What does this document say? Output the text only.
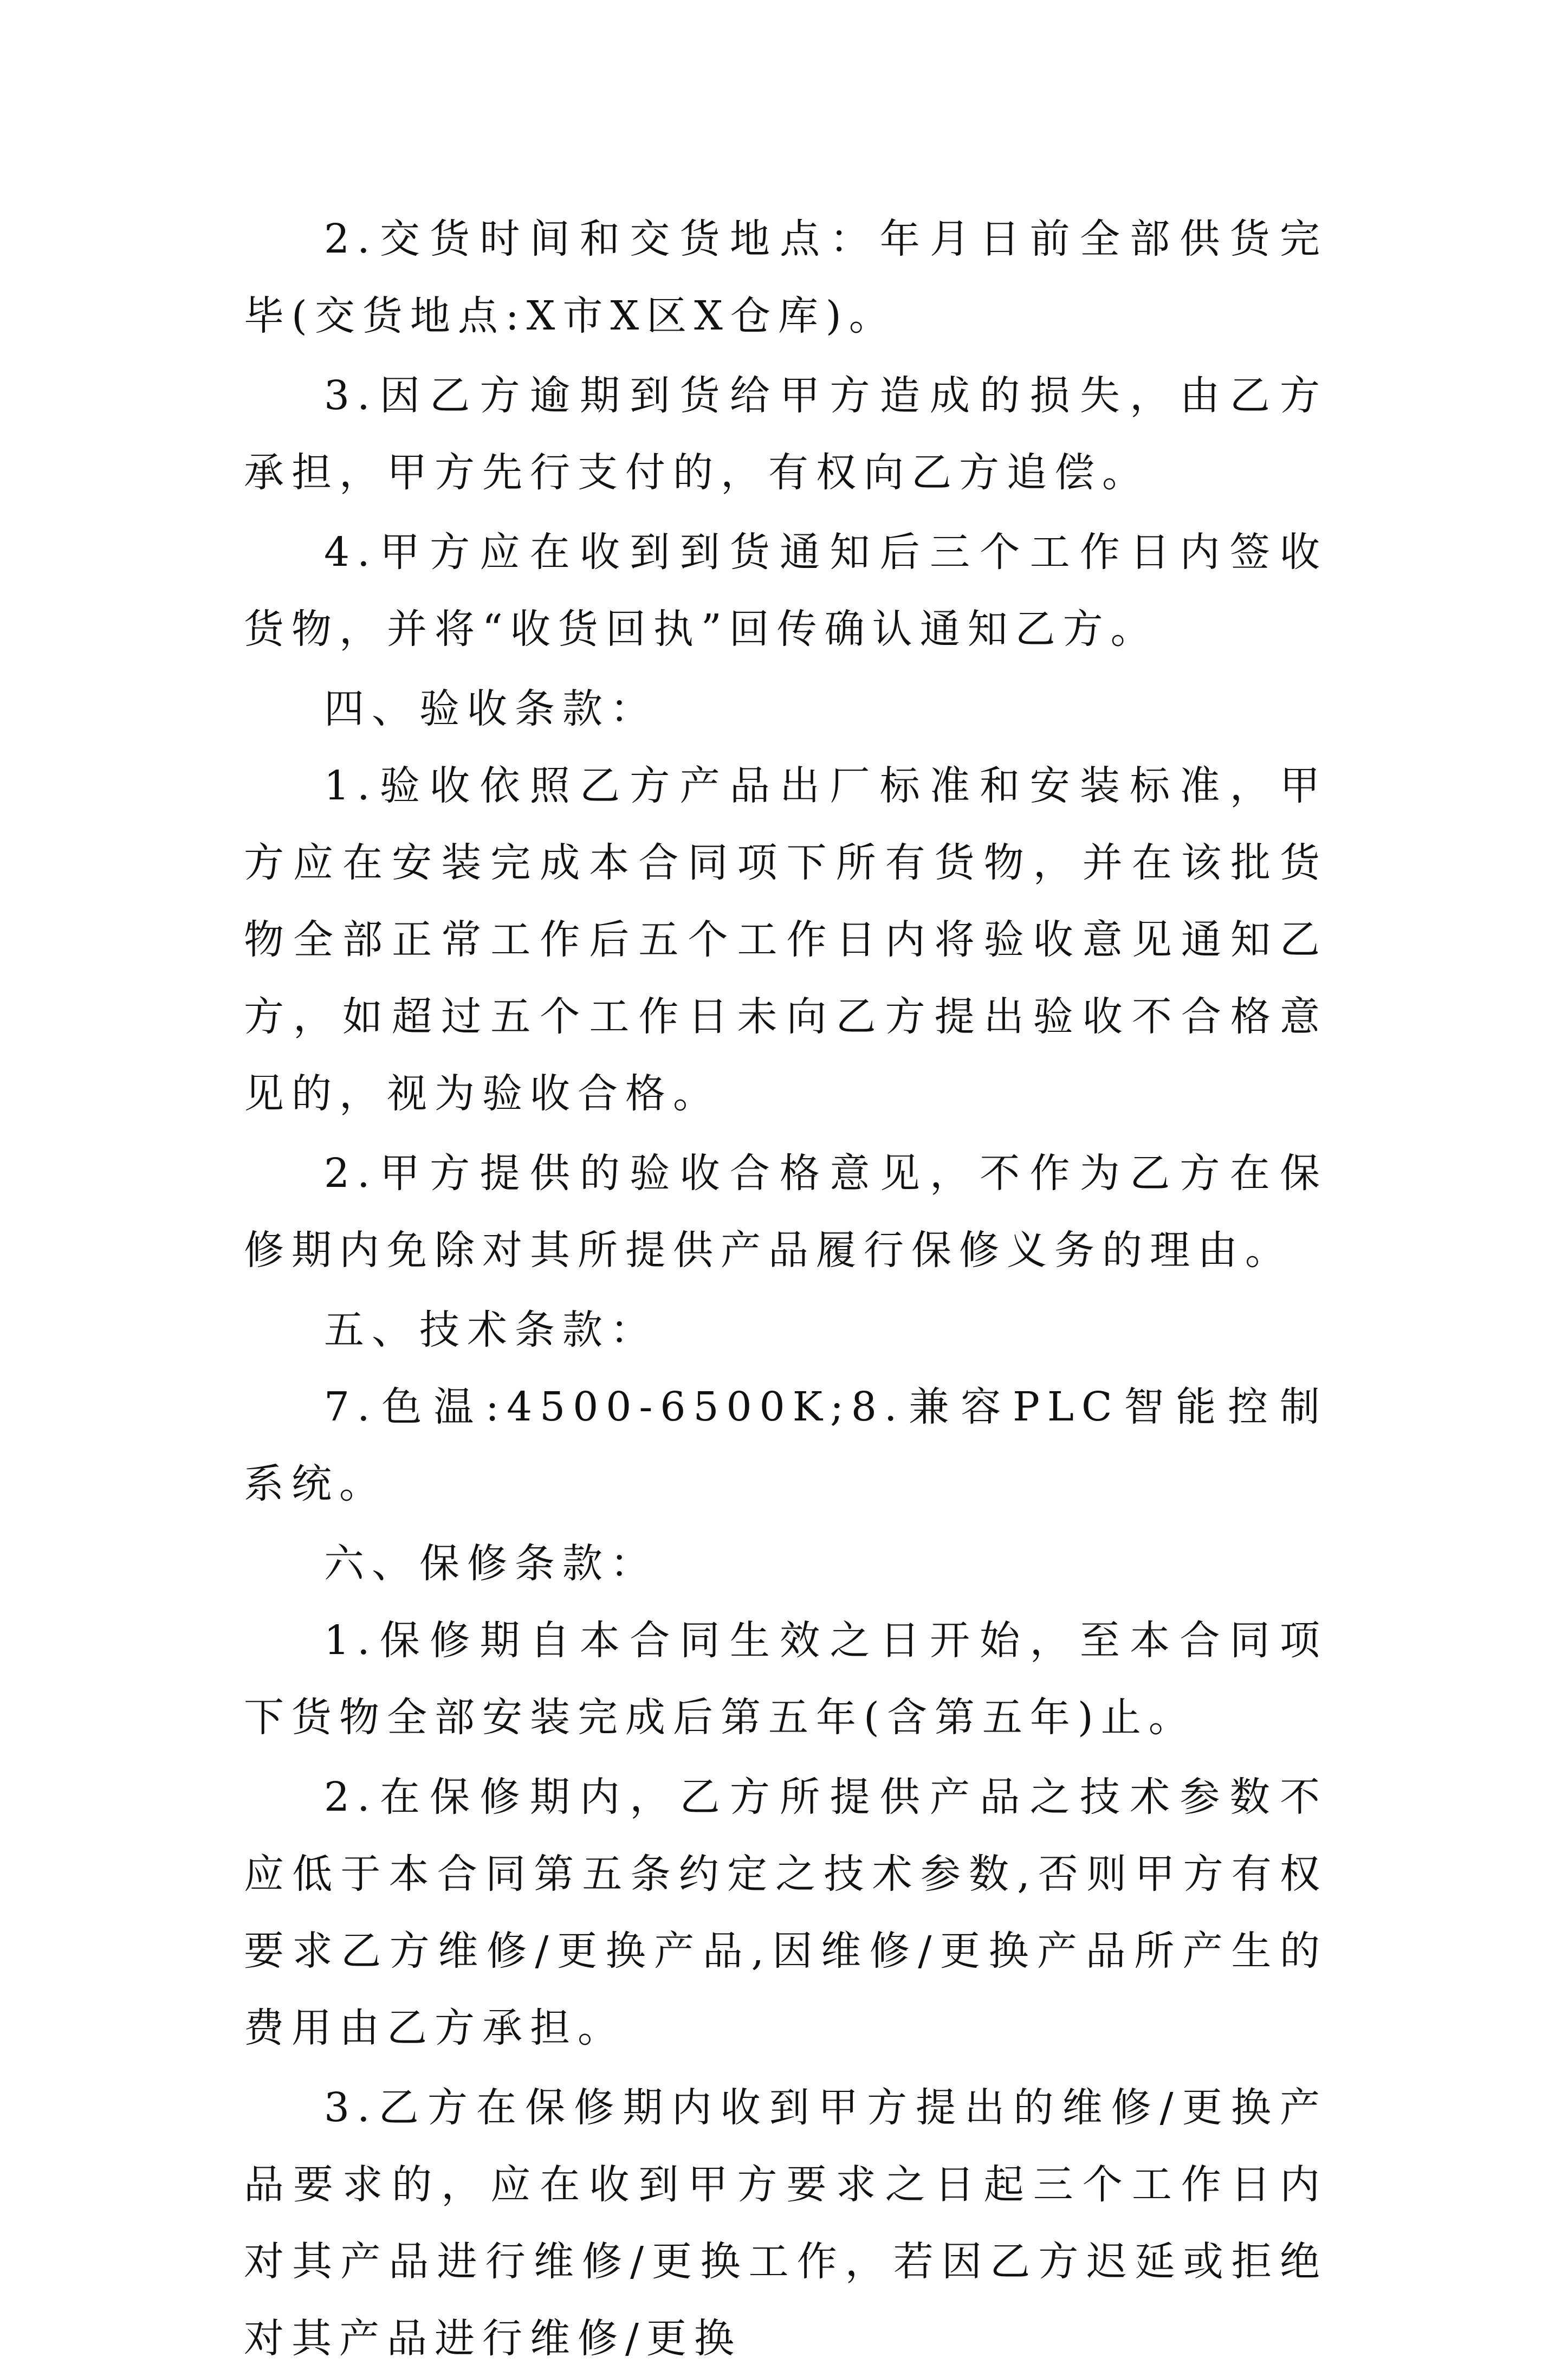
2.交货时间和交货地点：年月日前全部供货完毕(交货地点:X市X区X仓库)。

3.因乙方逾期到货给甲方造成的损失，由乙方承担，甲方先行支付的，有权向乙方追偿。

4.甲方应在收到到货通知后三个工作日内签收货物，并将“收货回执”回传确认通知乙方。

四、验收条款：

1.验收依照乙方产品出厂标准和安装标准，甲方应在安装完成本合同项下所有货物，并在该批货物全部正常工作后五个工作日内将验收意见通知乙方，如超过五个工作日未向乙方提出验收不合格意见的，视为验收合格。

2.甲方提供的验收合格意见，不作为乙方在保修期内免除对其所提供产品履行保修义务的理由。

五、技术条款：

7.色温:4500-6500K;8.兼容PLC智能控制系统。

六、保修条款：

1.保修期自本合同生效之日开始，至本合同项下货物全部安装完成后第五年(含第五年)止。

2.在保修期内，乙方所提供产品之技术参数不应低于本合同第五条约定之技术参数,否则甲方有权要求乙方维修/更换产品,因维修/更换产品所产生的费用由乙方承担。

3.乙方在保修期内收到甲方提出的维修/更换产品要求的，应在收到甲方要求之日起三个工作日内对其产品进行维修/更换工作，若因乙方迟延或拒绝对其产品进行维修/更换
